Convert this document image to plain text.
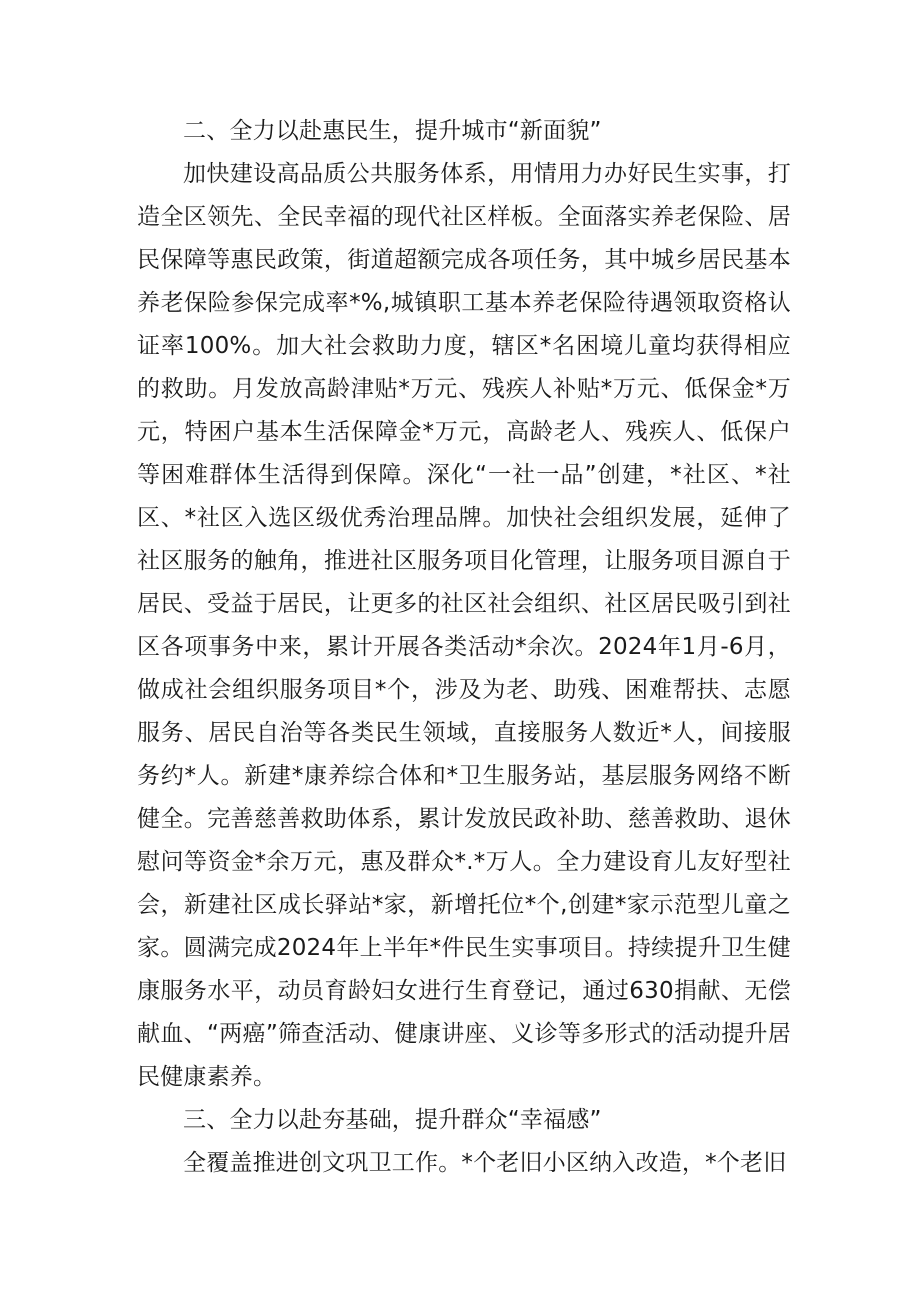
二、全力以赴惠民生，提升城市“新面貌”

加快建设高品质公共服务体系，用情用力办好民生实事，打造全区领先、全民幸福的现代社区样板。全面落实养老保险、居民保障等惠民政策，街道超额完成各项任务，其中城乡居民基本养老保险参保完成率*%,城镇职工基本养老保险待遇领取资格认证率100%。加大社会救助力度，辖区*名困境儿童均获得相应的救助。月发放高龄津贴*万元、残疾人补贴*万元、低保金*万元，特困户基本生活保障金*万元，高龄老人、残疾人、低保户等困难群体生活得到保障。深化“一社一品”创建，*社区、*社区、*社区入选区级优秀治理品牌。加快社会组织发展，延伸了社区服务的触角，推进社区服务项目化管理，让服务项目源自于居民、受益于居民，让更多的社区社会组织、社区居民吸引到社区各项事务中来，累计开展各类活动*余次。2024年1月-6月，做成社会组织服务项目*个，涉及为老、助残、困难帮扶、志愿服务、居民自治等各类民生领域，直接服务人数近*人，间接服务约*人。新建*康养综合体和*卫生服务站，基层服务网络不断健全。完善慈善救助体系，累计发放民政补助、慈善救助、退休慰问等资金*余万元，惠及群众*.*万人。全力建设育儿友好型社会，新建社区成长驿站*家，新增托位*个,创建*家示范型儿童之家。圆满完成2024年上半年*件民生实事项目。持续提升卫生健康服务水平，动员育龄妇女进行生育登记，通过630捐献、无偿献血、“两癌”筛查活动、健康讲座、义诊等多形式的活动提升居民健康素养。

三、全力以赴夯基础，提升群众“幸福感”

全覆盖推进创文巩卫工作。*个老旧小区纳入改造，*个老旧
